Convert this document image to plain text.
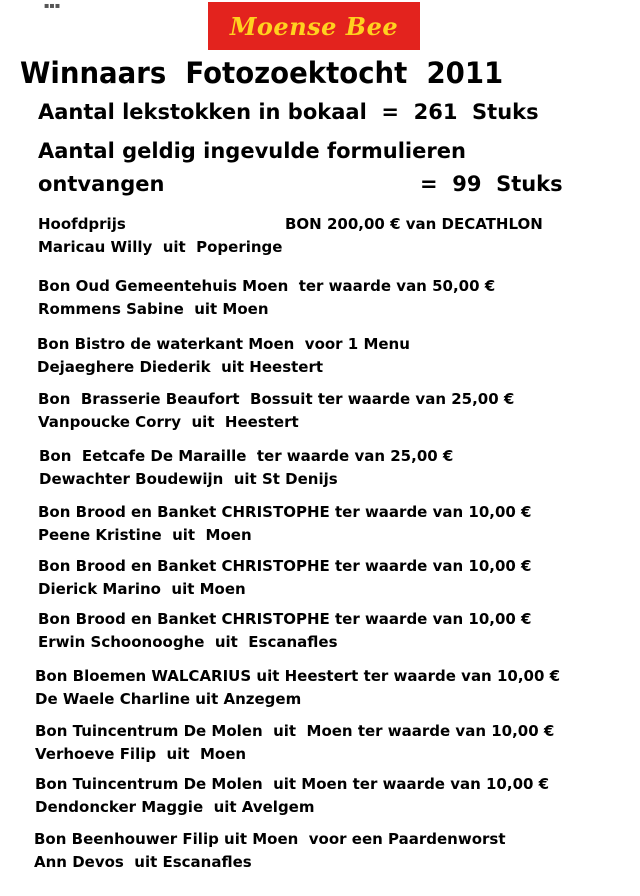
▪▪▪
Moense Bee
Winnaars  Fotozoektocht  2011
Aantal lekstokken in bokaal  =  261  Stuks
Aantal geldig ingevulde formulieren
ontvangen	=  99  Stuks
Hoofdprijs	BON 200,00 € van DECATHLON
Maricau Willy  uit  Poperinge
Bon Oud Gemeentehuis Moen  ter waarde van 50,00 €
Rommens Sabine  uit Moen
Bon Bistro de waterkant Moen  voor 1 Menu
Dejaeghere Diederik  uit Heestert
Bon  Brasserie Beaufort  Bossuit ter waarde van 25,00 €
Vanpoucke Corry  uit  Heestert
Bon  Eetcafe De Maraille  ter waarde van 25,00 €
Dewachter Boudewijn  uit St Denijs
Bon Brood en Banket CHRISTOPHE ter waarde van 10,00 €
Peene Kristine  uit  Moen
Bon Brood en Banket CHRISTOPHE ter waarde van 10,00 €
Dierick Marino  uit Moen
Bon Brood en Banket CHRISTOPHE ter waarde van 10,00 €
Erwin Schoonooghe  uit  Escanafles
Bon Bloemen WALCARIUS uit Heestert ter waarde van 10,00 €
De Waele Charline uit Anzegem
Bon Tuincentrum De Molen  uit  Moen ter waarde van 10,00 €
Verhoeve Filip  uit  Moen
Bon Tuincentrum De Molen  uit Moen ter waarde van 10,00 €
Dendoncker Maggie  uit Avelgem
Bon Beenhouwer Filip uit Moen  voor een Paardenworst
Ann Devos  uit Escanafles
